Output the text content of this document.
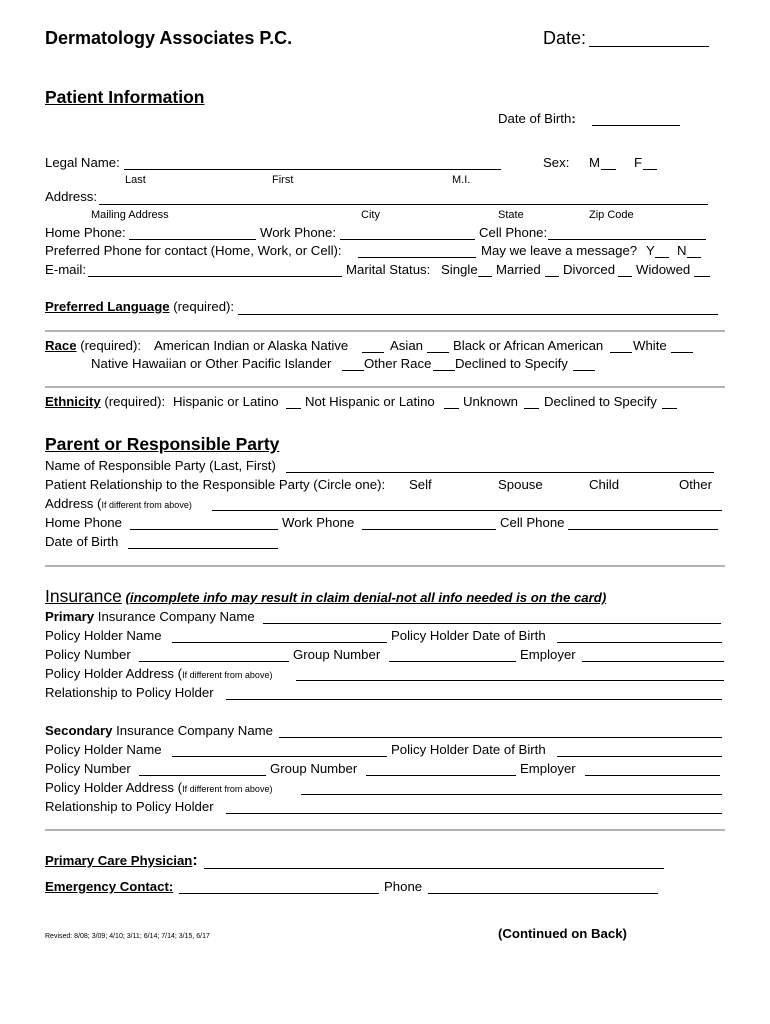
Dermatology Associates P.C.	Date:
Patient Information
Date of Birth:
Legal Name:	Sex: M	F
Last	First	M.I.
Address:
Mailing Address	City	State	Zip Code
Home Phone:	Work Phone:	Cell Phone:
Preferred Phone for contact (Home, Work, or Cell):	May we leave a message? Y N
E-mail:	Marital Status: Single Married Divorced Widowed
Preferred Language (required):
Race (required): American Indian or Alaska Native	Asian Black or African American White
Native Hawaiian or Other Pacific Islander Other Race Declined to Specify
Ethnicity (required): Hispanic or Latino Not Hispanic or Latino Unknown Declined to Specify
Parent or Responsible Party
Name of Responsible Party (Last, First)
Patient Relationship to the Responsible Party (Circle one): Self	Spouse	Child	Other
Address (If different from above)
Home Phone	Work Phone	Cell Phone
Date of Birth
Insurance (incomplete info may result in claim denial-not all info needed is on the card)
Primary Insurance Company Name
Policy Holder Name	Policy Holder Date of Birth
Policy Number	Group Number	Employer
Policy Holder Address (If different from above)
Relationship to Policy Holder
Secondary Insurance Company Name
Policy Holder Name	Policy Holder Date of Birth
Policy Number	Group Number	Employer
Policy Holder Address (If different from above)
Relationship to Policy Holder
Primary Care Physician:
Emergency Contact:	Phone
Revised: 8/08; 3/09; 4/10; 3/11; 6/14; 7/14; 3/15, 6/17	(Continued on Back)
